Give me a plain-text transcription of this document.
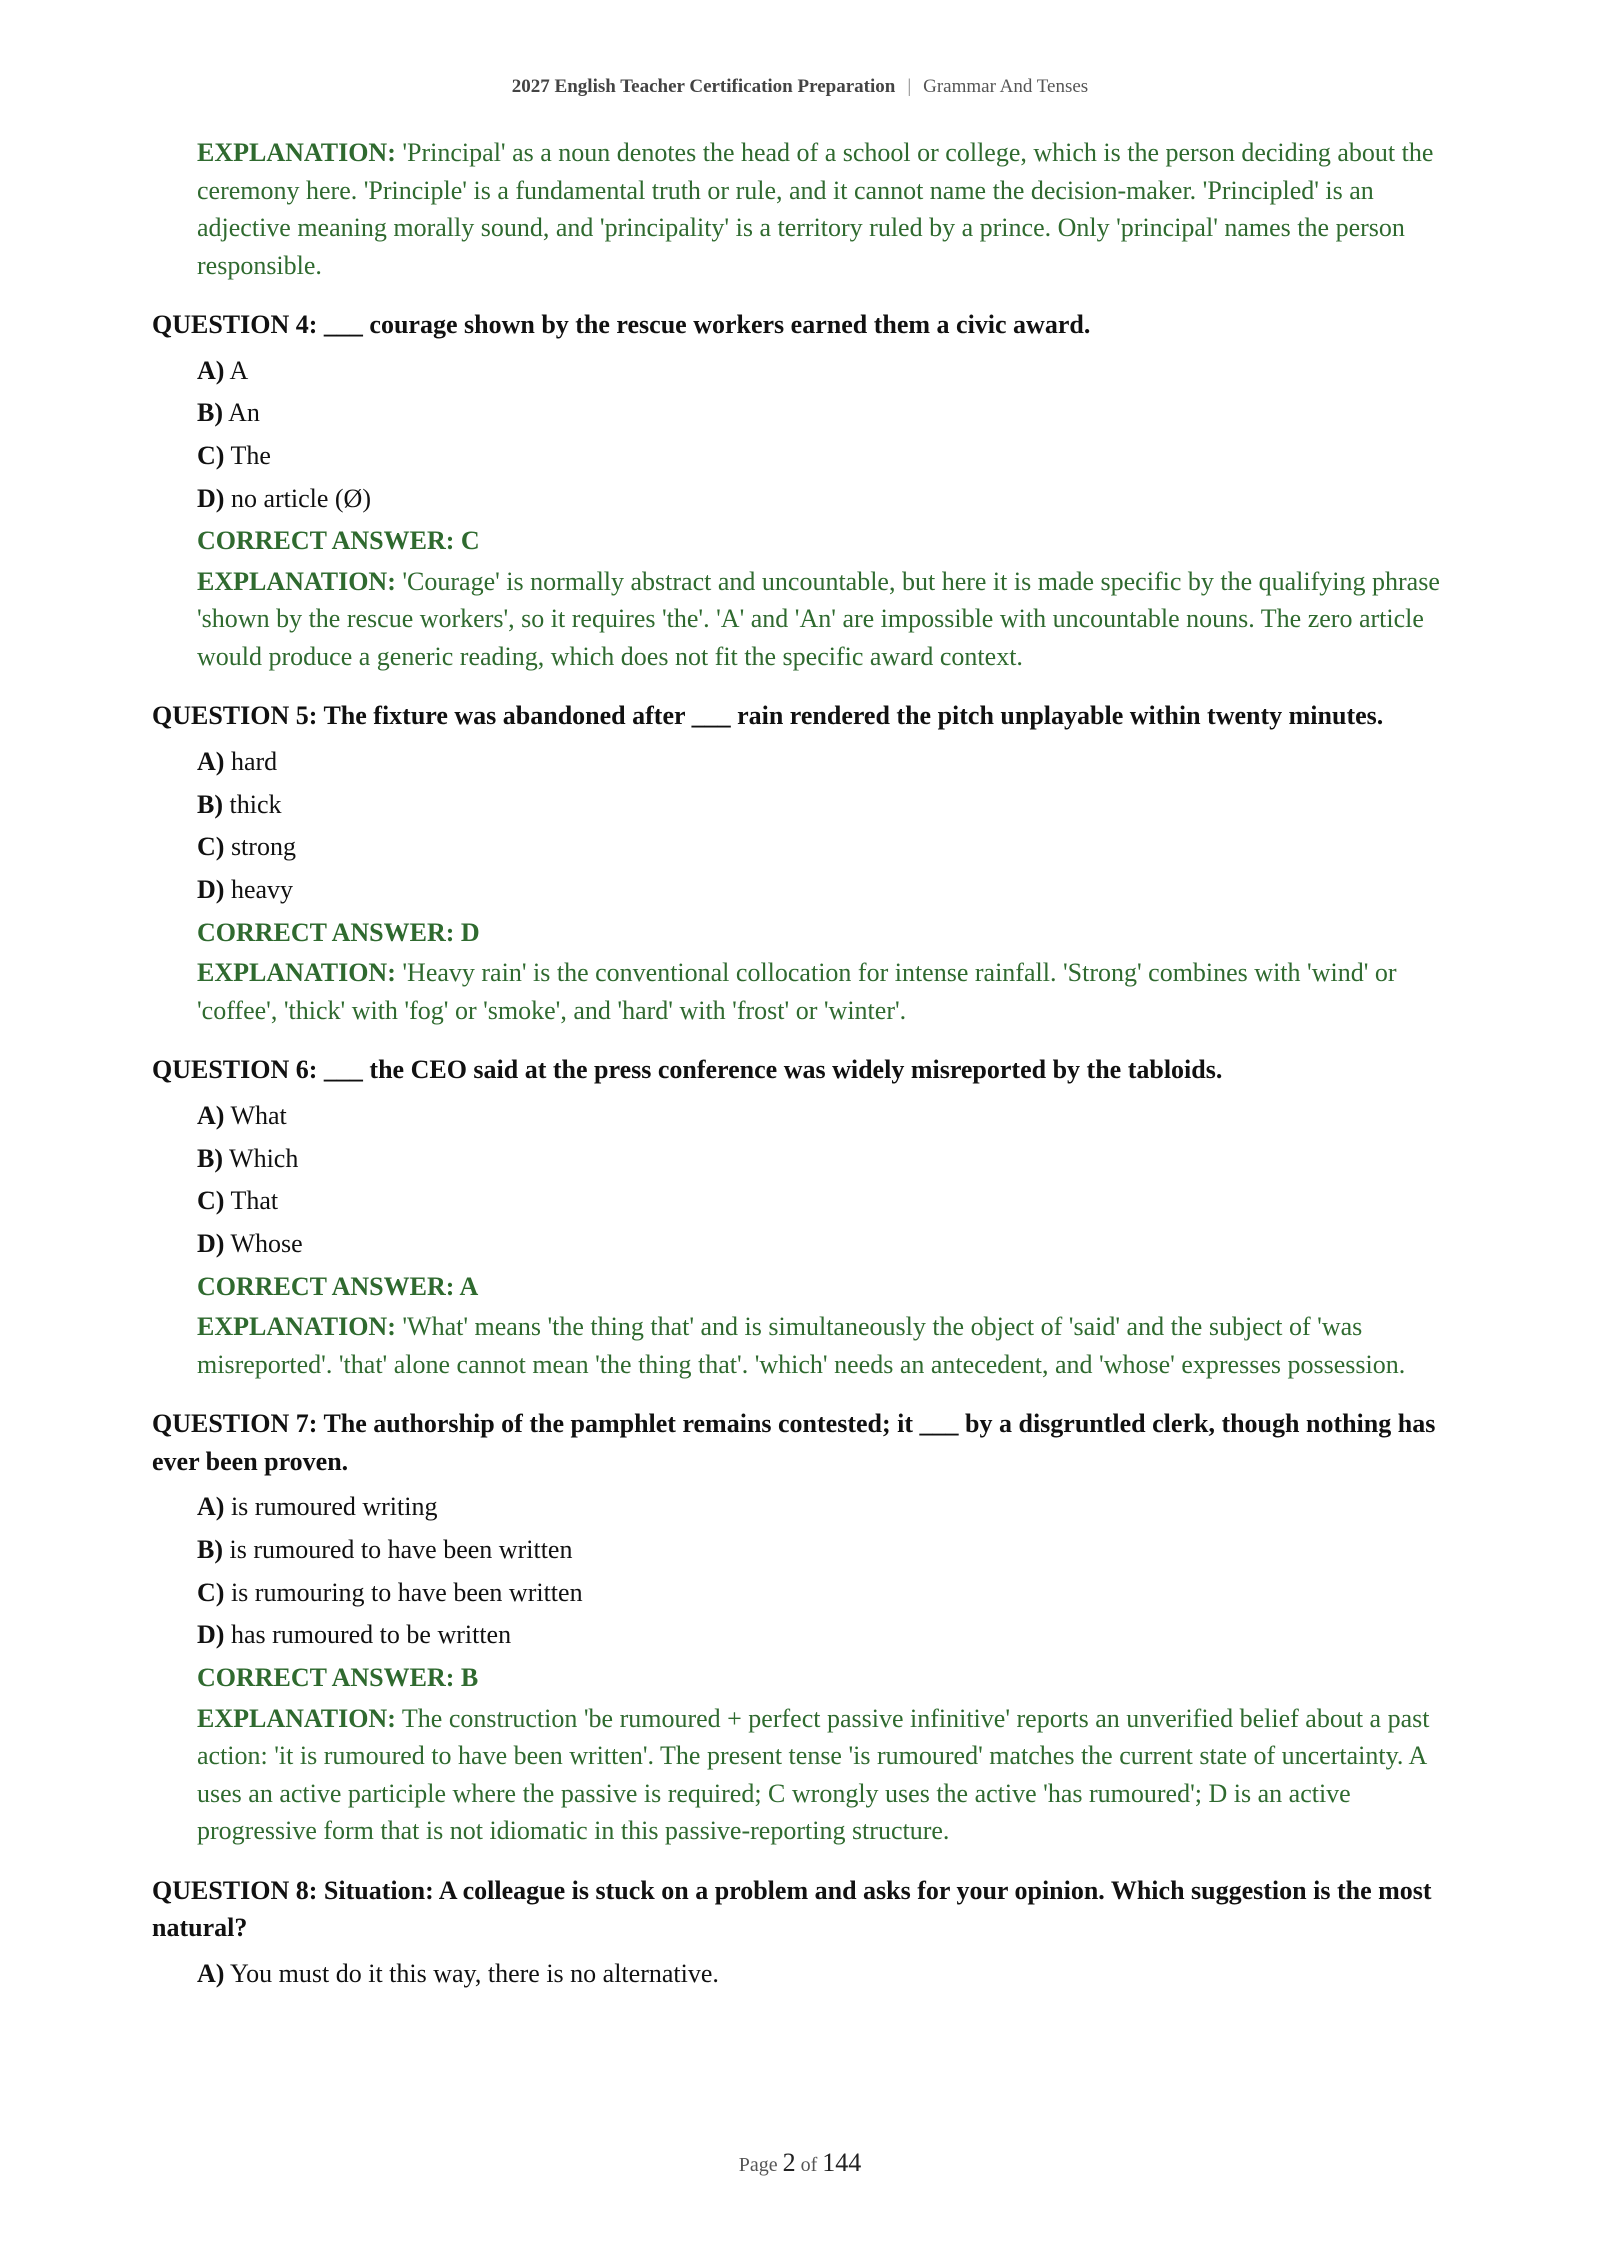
2027 English Teacher Certification Preparation | Grammar And Tenses
EXPLANATION: 'Principal' as a noun denotes the head of a school or college, which is the person deciding about the ceremony here. 'Principle' is a fundamental truth or rule, and it cannot name the decision-maker. 'Principled' is an adjective meaning morally sound, and 'principality' is a territory ruled by a prince. Only 'principal' names the person responsible.
QUESTION 4: ___ courage shown by the rescue workers earned them a civic award.
A) A
B) An
C) The
D) no article (Ø)
CORRECT ANSWER: C
EXPLANATION: 'Courage' is normally abstract and uncountable, but here it is made specific by the qualifying phrase 'shown by the rescue workers', so it requires 'the'. 'A' and 'An' are impossible with uncountable nouns. The zero article would produce a generic reading, which does not fit the specific award context.
QUESTION 5: The fixture was abandoned after ___ rain rendered the pitch unplayable within twenty minutes.
A) hard
B) thick
C) strong
D) heavy
CORRECT ANSWER: D
EXPLANATION: 'Heavy rain' is the conventional collocation for intense rainfall. 'Strong' combines with 'wind' or 'coffee', 'thick' with 'fog' or 'smoke', and 'hard' with 'frost' or 'winter'.
QUESTION 6: ___ the CEO said at the press conference was widely misreported by the tabloids.
A) What
B) Which
C) That
D) Whose
CORRECT ANSWER: A
EXPLANATION: 'What' means 'the thing that' and is simultaneously the object of 'said' and the subject of 'was misreported'. 'that' alone cannot mean 'the thing that'. 'which' needs an antecedent, and 'whose' expresses possession.
QUESTION 7: The authorship of the pamphlet remains contested; it ___ by a disgruntled clerk, though nothing has ever been proven.
A) is rumoured writing
B) is rumoured to have been written
C) is rumouring to have been written
D) has rumoured to be written
CORRECT ANSWER: B
EXPLANATION: The construction 'be rumoured + perfect passive infinitive' reports an unverified belief about a past action: 'it is rumoured to have been written'. The present tense 'is rumoured' matches the current state of uncertainty. A uses an active participle where the passive is required; C wrongly uses the active 'has rumoured'; D is an active progressive form that is not idiomatic in this passive-reporting structure.
QUESTION 8: Situation: A colleague is stuck on a problem and asks for your opinion. Which suggestion is the most natural?
A) You must do it this way, there is no alternative.
Page 2 of 144
